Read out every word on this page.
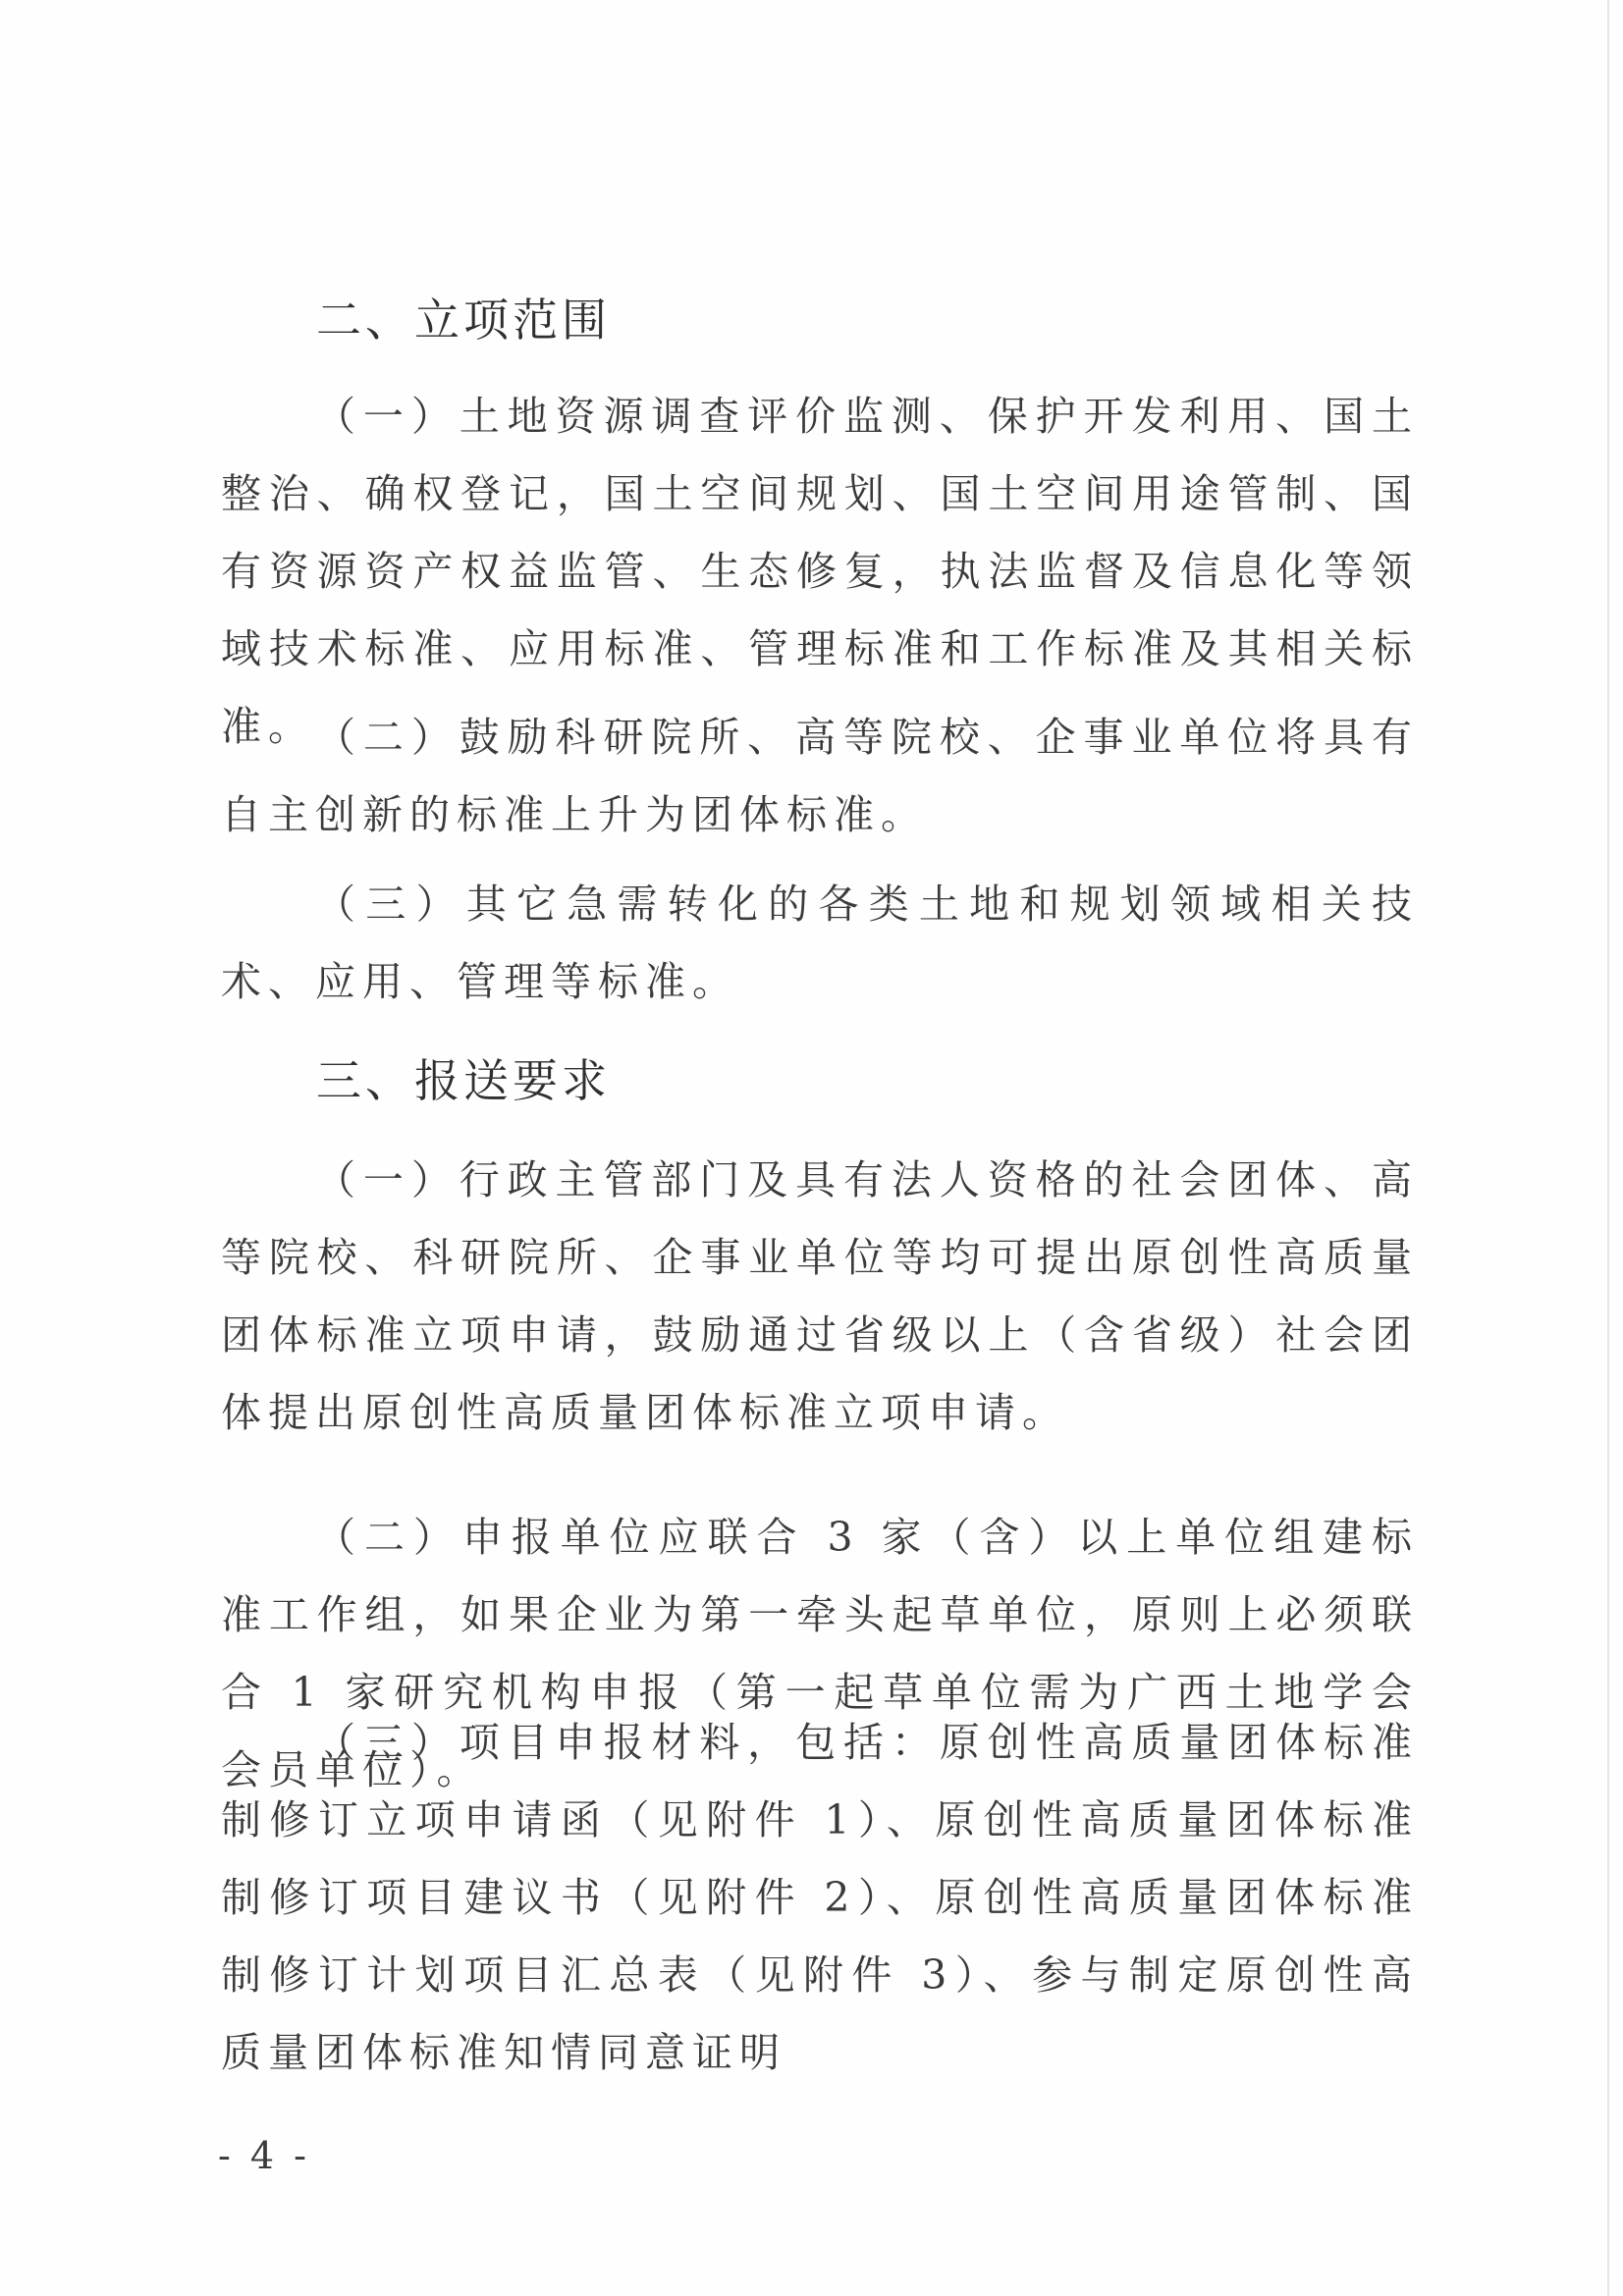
二、立项范围
（一）土地资源调查评价监测、保护开发利用、国土整治、确权登记，国土空间规划、国土空间用途管制、国有资源资产权益监管、生态修复，执法监督及信息化等领域技术标准、应用标准、管理标准和工作标准及其相关标准。 （二）鼓励科研院所、高等院校、企事业单位将具有自主创新的标准上升为团体标准。
（三）其它急需转化的各类土地和规划领域相关技术、应用、管理等标准。
三、报送要求
（一）行政主管部门及具有法人资格的社会团体、高等院校、科研院所、企事业单位等均可提出原创性高质量团体标准立项申请，鼓励通过省级以上（含省级）社会团体提出原创性高质量团体标准立项申请。
（二）申报单位应联合 3 家（含）以上单位组建标准工作组，如果企业为第一牵头起草单位，原则上必须联合 1 家研究机构申报（第一起草单位需为广西土地学会会员单位）。
（三）项目申报材料，包括：原创性高质量团体标准制修订立项申请函（见附件 1）、原创性高质量团体标准制修订项目建议书（见附件 2）、原创性高质量团体标准制修订计划项目汇总表（见附件 3）、参与制定原创性高质量团体标准知情同意证明
- 4 -
